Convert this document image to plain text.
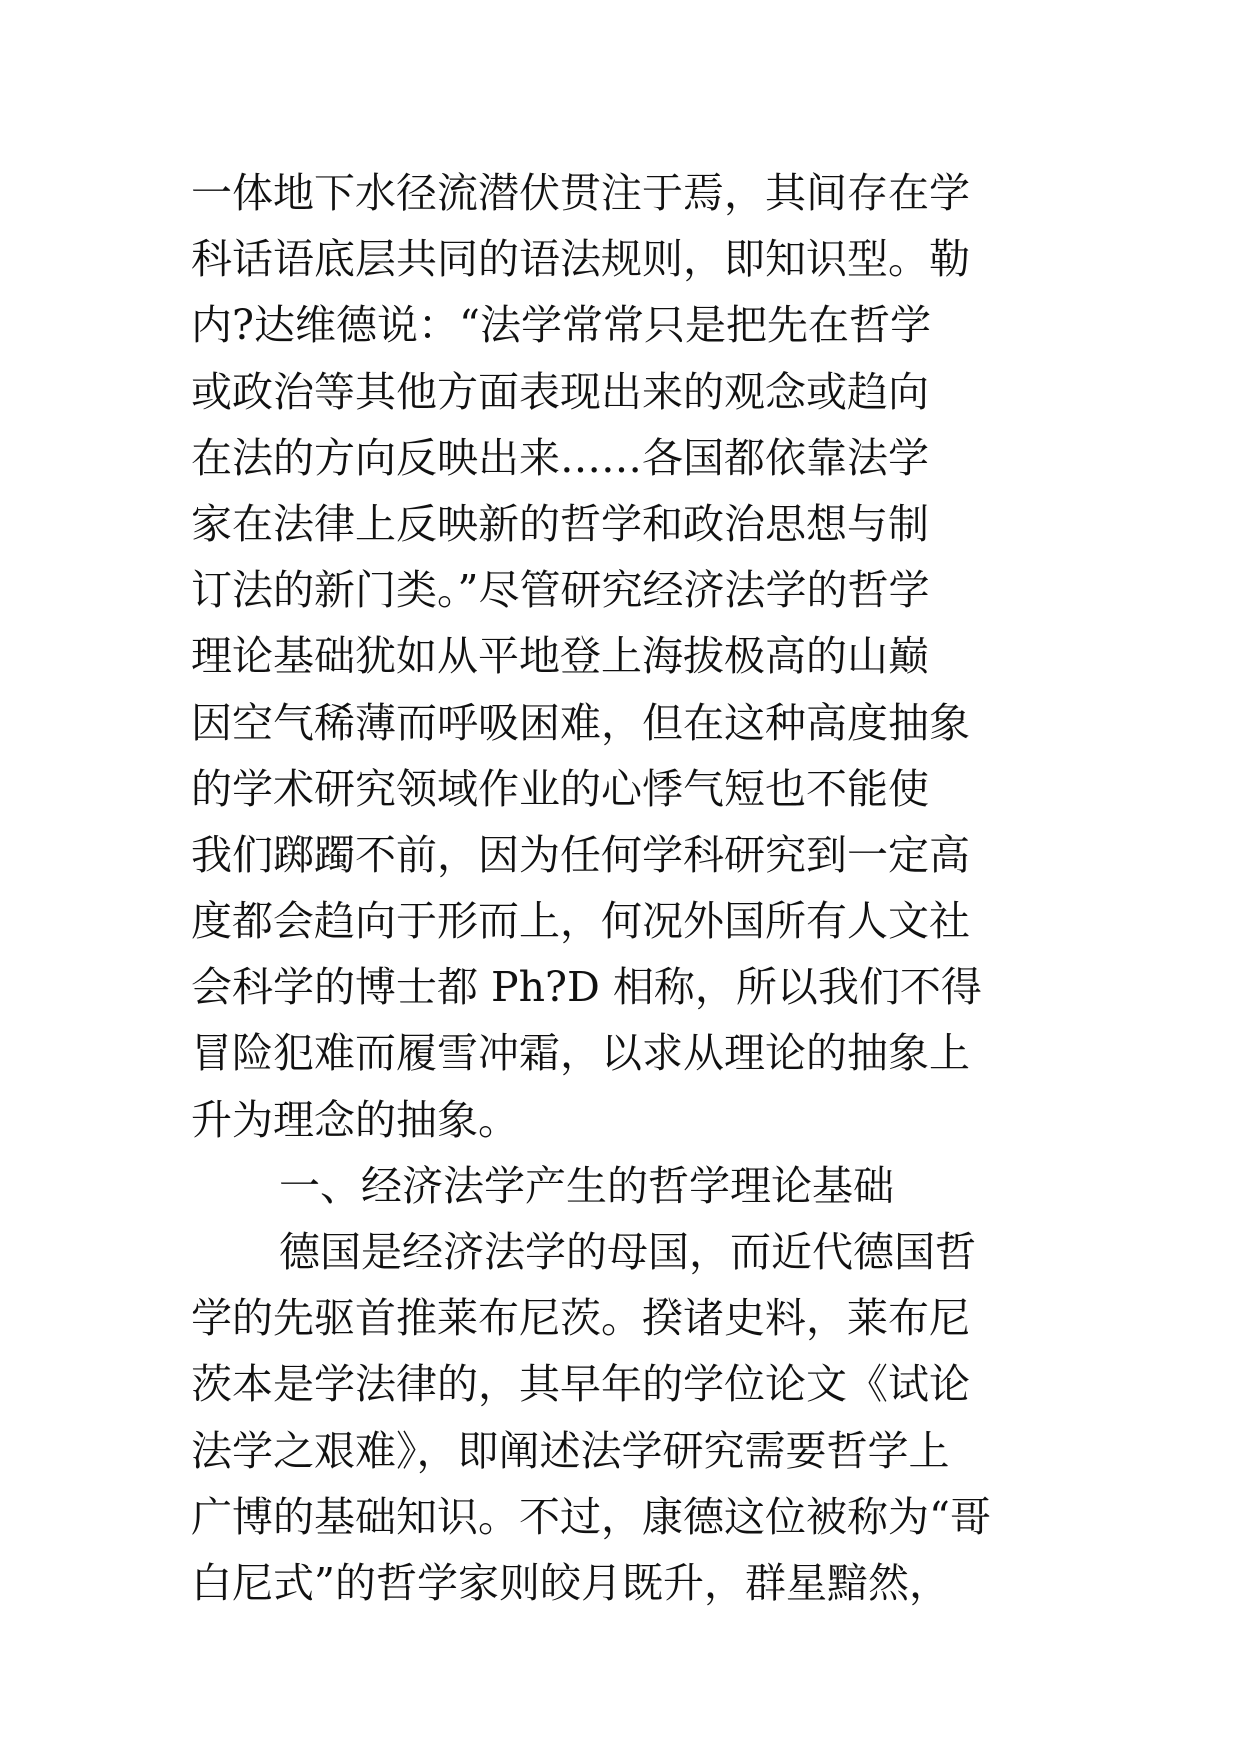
一体地下水径流潜伏贯注于焉，其间存在学
科话语底层共同的语法规则，即知识型。勒
内?达维德说：“法学常常只是把先在哲学
或政治等其他方面表现出来的观念或趋向
在法的方向反映出来……各国都依靠法学
家在法律上反映新的哲学和政治思想与制
订法的新门类。”尽管研究经济法学的哲学
理论基础犹如从平地登上海拔极高的山巅
因空气稀薄而呼吸困难，但在这种高度抽象
的学术研究领域作业的心悸气短也不能使
我们踯躅不前，因为任何学科研究到一定高
度都会趋向于形而上，何况外国所有人文社
会科学的博士都 Ph?D 相称，所以我们不得
冒险犯难而履雪冲霜，以求从理论的抽象上
升为理念的抽象。
一、经济法学产生的哲学理论基础
德国是经济法学的母国，而近代德国哲
学的先驱首推莱布尼茨。揆诸史料，莱布尼
茨本是学法律的，其早年的学位论文《试论
法学之艰难》，即阐述法学研究需要哲学上
广博的基础知识。不过，康德这位被称为“哥
白尼式”的哲学家则皎月既升，群星黯然，
